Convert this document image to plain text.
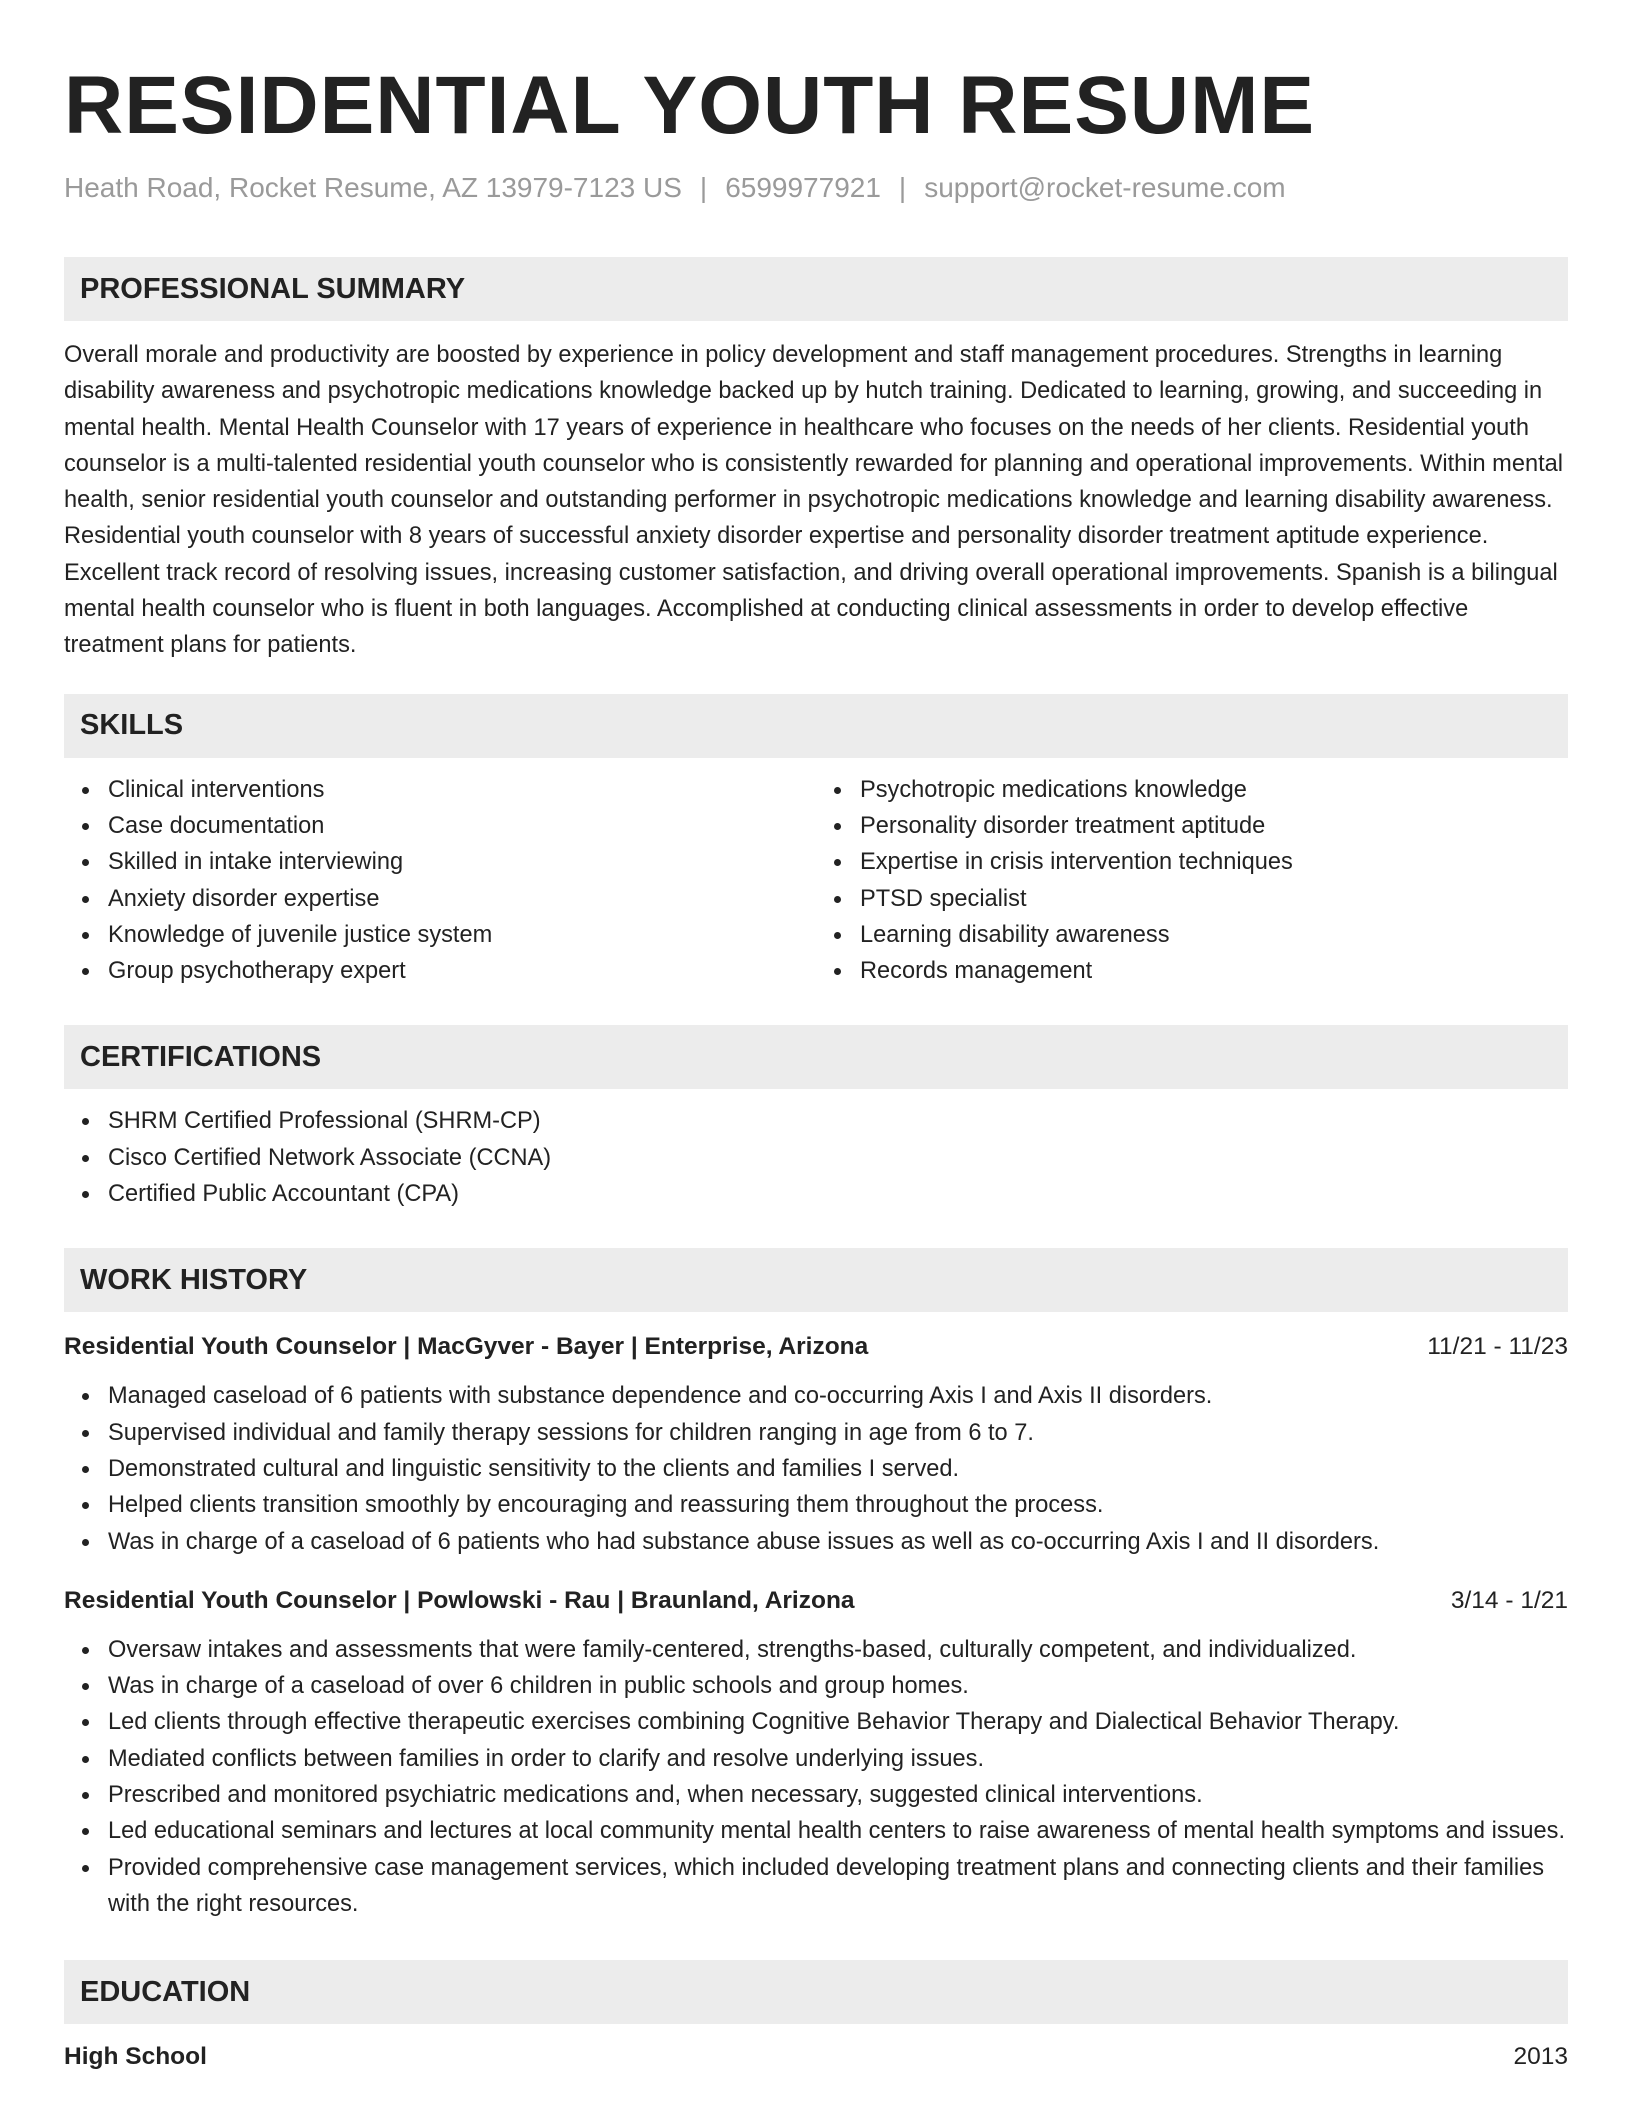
RESIDENTIAL YOUTH RESUME
Heath Road, Rocket Resume, AZ 13979-7123 US | 6599977921 | support@rocket-resume.com
PROFESSIONAL SUMMARY

Overall morale and productivity are boosted by experience in policy development and staff management procedures. Strengths in learning disability awareness and psychotropic medications knowledge backed up by hutch training. Dedicated to learning, growing, and succeeding in mental health. Mental Health Counselor with 17 years of experience in healthcare who focuses on the needs of her clients. Residential youth counselor is a multi-talented residential youth counselor who is consistently rewarded for planning and operational improvements. Within mental health, senior residential youth counselor and outstanding performer in psychotropic medications knowledge and learning disability awareness. Residential youth counselor with 8 years of successful anxiety disorder expertise and personality disorder treatment aptitude experience. Excellent track record of resolving issues, increasing customer satisfaction, and driving overall operational improvements. Spanish is a bilingual mental health counselor who is fluent in both languages. Accomplished at conducting clinical assessments in order to develop effective treatment plans for patients.

SKILLS
Clinical interventions
Case documentation
Skilled in intake interviewing
Anxiety disorder expertise
Knowledge of juvenile justice system
Group psychotherapy expert
Psychotropic medications knowledge
Personality disorder treatment aptitude
Expertise in crisis intervention techniques
PTSD specialist
Learning disability awareness
Records management
CERTIFICATIONS
SHRM Certified Professional (SHRM-CP)
Cisco Certified Network Associate (CCNA)
Certified Public Accountant (CPA)
WORK HISTORY
Residential Youth Counselor | MacGyver - Bayer | Enterprise, Arizona	11/21 - 11/23
Managed caseload of 6 patients with substance dependence and co-occurring Axis I and Axis II disorders.
Supervised individual and family therapy sessions for children ranging in age from 6 to 7.
Demonstrated cultural and linguistic sensitivity to the clients and families I served.
Helped clients transition smoothly by encouraging and reassuring them throughout the process.
Was in charge of a caseload of 6 patients who had substance abuse issues as well as co-occurring Axis I and II disorders.
Residential Youth Counselor | Powlowski - Rau | Braunland, Arizona	3/14 - 1/21
Oversaw intakes and assessments that were family-centered, strengths-based, culturally competent, and individualized.
Was in charge of a caseload of over 6 children in public schools and group homes.
Led clients through effective therapeutic exercises combining Cognitive Behavior Therapy and Dialectical Behavior Therapy.
Mediated conflicts between families in order to clarify and resolve underlying issues.
Prescribed and monitored psychiatric medications and, when necessary, suggested clinical interventions.
Led educational seminars and lectures at local community mental health centers to raise awareness of mental health symptoms and issues.
Provided comprehensive case management services, which included developing treatment plans and connecting clients and their families with the right resources.
EDUCATION
High School	2013
